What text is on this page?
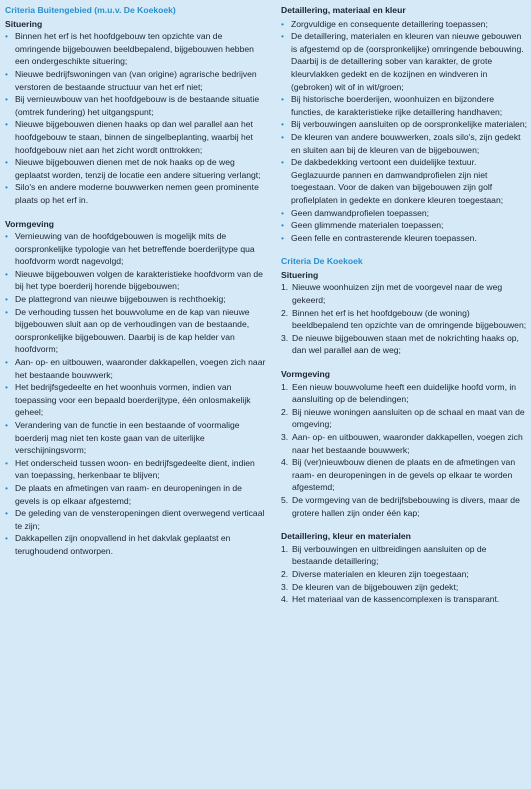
Criteria Buitengebied (m.u.v. De Koekoek)
Situering
• Binnen het erf is het hoofdgebouw ten opzichte van de omringende bijgebouwen beeldbepalend, bijgebouwen hebben een ondergeschikte situering;
• Nieuwe bedrijfswoningen van (van origine) agrarische bedrijven verstoren de bestaande structuur van het erf niet;
• Bij vernieuwbouw van het hoofdgebouw is de bestaande situatie (omtrek fundering) het uitgangspunt;
• Nieuwe bijgebouwen dienen haaks op dan wel parallel aan het hoofdgebouw te staan, binnen de singelbeplanting, waarbij het hoofdgebouw niet aan het zicht wordt onttrokken;
• Nieuwe bijgebouwen dienen met de nok haaks op de weg geplaatst worden, tenzij de locatie een andere situering verlangt;
• Silo's en andere moderne bouwwerken nemen geen prominente plaats op het erf in.
Vormgeving
• Vernieuwing van de hoofdgebouwen is mogelijk mits de oorspronkelijke typologie van het betreffende boerderijtype qua hoofdvorm wordt nagevolgd;
• Nieuwe bijgebouwen volgen de karakteristieke hoofdvorm van de bij het type boerderij horende bijgebouwen;
• De plattegrond van nieuwe bijgebouwen is rechthoekig;
• De verhouding tussen het bouwvolume en de kap van nieuwe bijgebouwen sluit aan op de verhoudingen van de bestaande, oorspronkelijke bijgebouwen. Daarbij is de kap helder van hoofdvorm;
• Aan- op- en uitbouwen, waaronder dakkapellen, voegen zich naar het bestaande bouwwerk;
• Het bedrijfsgedeelte en het woonhuis vormen, indien van toepassing voor een bepaald boerderijtype, één onlosmakelijk geheel;
• Verandering van de functie in een bestaande of voormalige boerderij mag niet ten koste gaan van de uiterlijke verschijningsvorm;
• Het onderscheid tussen woon- en bedrijfsgedeelte dient, indien van toepassing, herkenbaar te blijven;
• De plaats en afmetingen van raam- en deuropeningen in de gevels is op elkaar afgestemd;
• De geleding van de vensteropeningen dient overwegend verticaal te zijn;
• Dakkapellen zijn onopvallend in het dakvlak geplaatst en terughoudend ontworpen.
Detaillering, materiaal en kleur
• Zorgvuldige en consequente detaillering toepassen;
• De detaillering, materialen en kleuren van nieuwe gebouwen is afgestemd op de (oorspronkelijke) omringende bebouwing. Daarbij is de detaillering sober van karakter, de grote kleurvlakken gedekt en de kozijnen en windveren in (gebroken) wit of in wit/groen;
• Bij historische boerderijen, woonhuizen en bijzondere functies, de karakteristieke rijke detaillering handhaven;
• Bij verbouwingen aansluiten op de oorspronkelijke materialen;
• De kleuren van andere bouwwerken, zoals silo's, zijn gedekt en sluiten aan bij de kleuren van de bijgebouwen;
• De dakbedekking vertoont een duidelijke textuur. Geglazuurde pannen en damwandprofielen zijn niet toegestaan. Voor de daken van bijgebouwen zijn golf profielplaten in gedekte en donkere kleuren toegestaan;
• Geen damwandprofielen toepassen;
• Geen glimmende materialen toepassen;
• Geen felle en contrasterende kleuren toepassen.
Criteria De Koekoek
Situering
1. Nieuwe woonhuizen zijn met de voorgevel naar de weg gekeerd;
2. Binnen het erf is het hoofdgebouw (de woning) beeldbepalend ten opzichte van de omringende bijgebouwen;
3. De nieuwe bijgebouwen staan met de nokrichting haaks op, dan wel parallel aan de weg;
Vormgeving
1. Een nieuw bouwvolume heeft een duidelijke hoofd vorm, in aansluiting op de belendingen;
2. Bij nieuwe woningen aansluiten op de schaal en maat van de omgeving;
3. Aan- op- en uitbouwen, waaronder dakkapellen, voegen zich naar het bestaande bouwwerk;
4. Bij (ver)nieuwbouw dienen de plaats en de afmetingen van raam- en deuropeningen in de gevels op elkaar te worden afgestemd;
5. De vormgeving van de bedrijfsbebouwing is divers, maar de grotere hallen zijn onder één kap;
Detaillering, kleur en materialen
1. Bij verbouwingen en uitbreidingen aansluiten op de bestaande detaillering;
2. Diverse materialen en kleuren zijn toegestaan;
3. De kleuren van de bijgebouwen zijn gedekt;
4. Het materiaal van de kassencomplexen is transparant.
